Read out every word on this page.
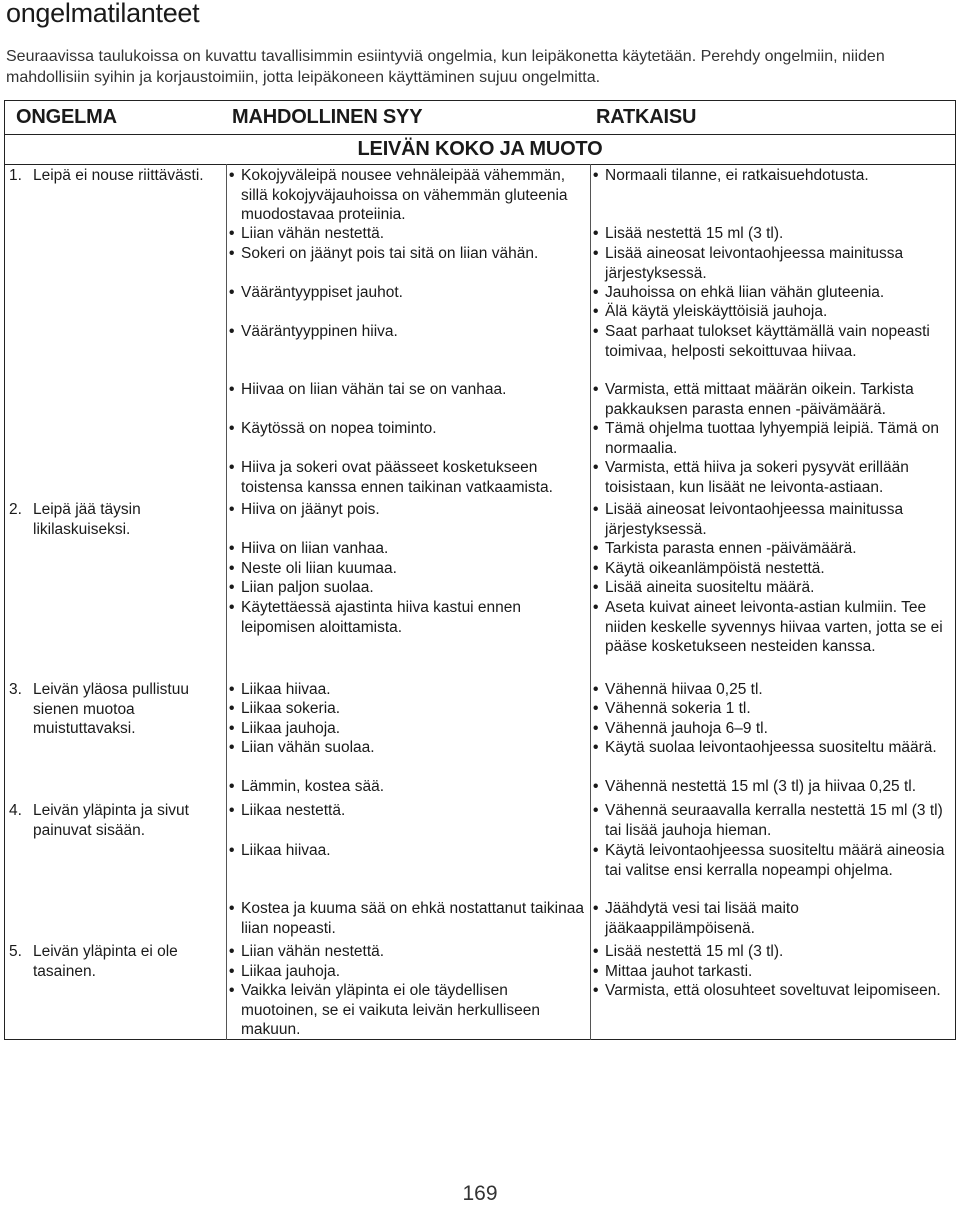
ongelmatilanteet
Seuraavissa taulukoissa on kuvattu tavallisimmin esiintyviä ongelmia, kun leipäkonetta käytetään. Perehdy ongelmiin, niiden mahdollisiin syihin ja korjaustoimiin, jotta leipäkoneen käyttäminen sujuu ongelmitta.
ONGELMA	MAHDOLLINEN SYY	RATKAISU
LEIVÄN KOKO JA MUOTO
1. Leipä ei nouse riittävästi.
2. Leipä jää täysin likilaskuiseksi.
3. Leivän yläosa pullistuu sienen muotoa muistuttavaksi.
4. Leivän yläpinta ja sivut painuvat sisään.
5. Leivän yläpinta ei ole tasainen.
• Kokojyväleipä nousee vehnäleipää vähemmän, sillä kokojyväjauhoissa on vähemmän gluteenia muodostavaa proteiinia.
• Liian vähän nestettä.
• Sokeri on jäänyt pois tai sitä on liian vähän.
• Vääräntyyppiset jauhot.
• Vääräntyyppinen hiiva.
• Hiivaa on liian vähän tai se on vanhaa.
• Käytössä on nopea toiminto.
• Hiiva ja sokeri ovat päässeet kosketukseen toistensa kanssa ennen taikinan vatkaamista.
• Hiiva on jäänyt pois.
• Hiiva on liian vanhaa.
• Neste oli liian kuumaa.
• Liian paljon suolaa.
• Käytettäessä ajastinta hiiva kastui ennen leipomisen aloittamista.
• Liikaa hiivaa.
• Liikaa sokeria.
• Liikaa jauhoja.
• Liian vähän suolaa.
• Lämmin, kostea sää.
• Liikaa nestettä.
• Liikaa hiivaa.
• Kostea ja kuuma sää on ehkä nostattanut taikinaa liian nopeasti.
• Liian vähän nestettä.
• Liikaa jauhoja.
• Vaikka leivän yläpinta ei ole täydellisen muotoinen, se ei vaikuta leivän herkulliseen makuun.
• Normaali tilanne, ei ratkaisuehdotusta.
• Lisää nestettä 15 ml (3 tl).
• Lisää aineosat leivontaohjeessa mainitussa järjestyksessä.
• Jauhoissa on ehkä liian vähän gluteenia.
• Älä käytä yleiskäyttöisiä jauhoja.
• Saat parhaat tulokset käyttämällä vain nopeasti toimivaa, helposti sekoittuvaa hiivaa.
• Varmista, että mittaat määrän oikein. Tarkista pakkauksen parasta ennen -päivämäärä.
• Tämä ohjelma tuottaa lyhyempiä leipiä. Tämä on normaalia.
• Varmista, että hiiva ja sokeri pysyvät erillään toisistaan, kun lisäät ne leivonta-astiaan.
• Lisää aineosat leivontaohjeessa mainitussa järjestyksessä.
• Tarkista parasta ennen -päivämäärä.
• Käytä oikeanlämpöistä nestettä.
• Lisää aineita suositeltu määrä.
• Aseta kuivat aineet leivonta-astian kulmiin. Tee niiden keskelle syvennys hiivaa varten, jotta se ei pääse kosketukseen nesteiden kanssa.
• Vähennä hiivaa 0,25 tl.
• Vähennä sokeria 1 tl.
• Vähennä jauhoja 6–9 tl.
• Käytä suolaa leivontaohjeessa suositeltu määrä.
• Vähennä nestettä 15 ml (3 tl) ja hiivaa 0,25 tl.
• Vähennä seuraavalla kerralla nestettä 15 ml (3 tl) tai lisää jauhoja hieman.
• Käytä leivontaohjeessa suositeltu määrä aineosia tai valitse ensi kerralla nopeampi ohjelma.
• Jäähdytä vesi tai lisää maito jääkaappilämpöisenä.
• Lisää nestettä 15 ml (3 tl).
• Mittaa jauhot tarkasti.
• Varmista, että olosuhteet soveltuvat leipomiseen.
169
